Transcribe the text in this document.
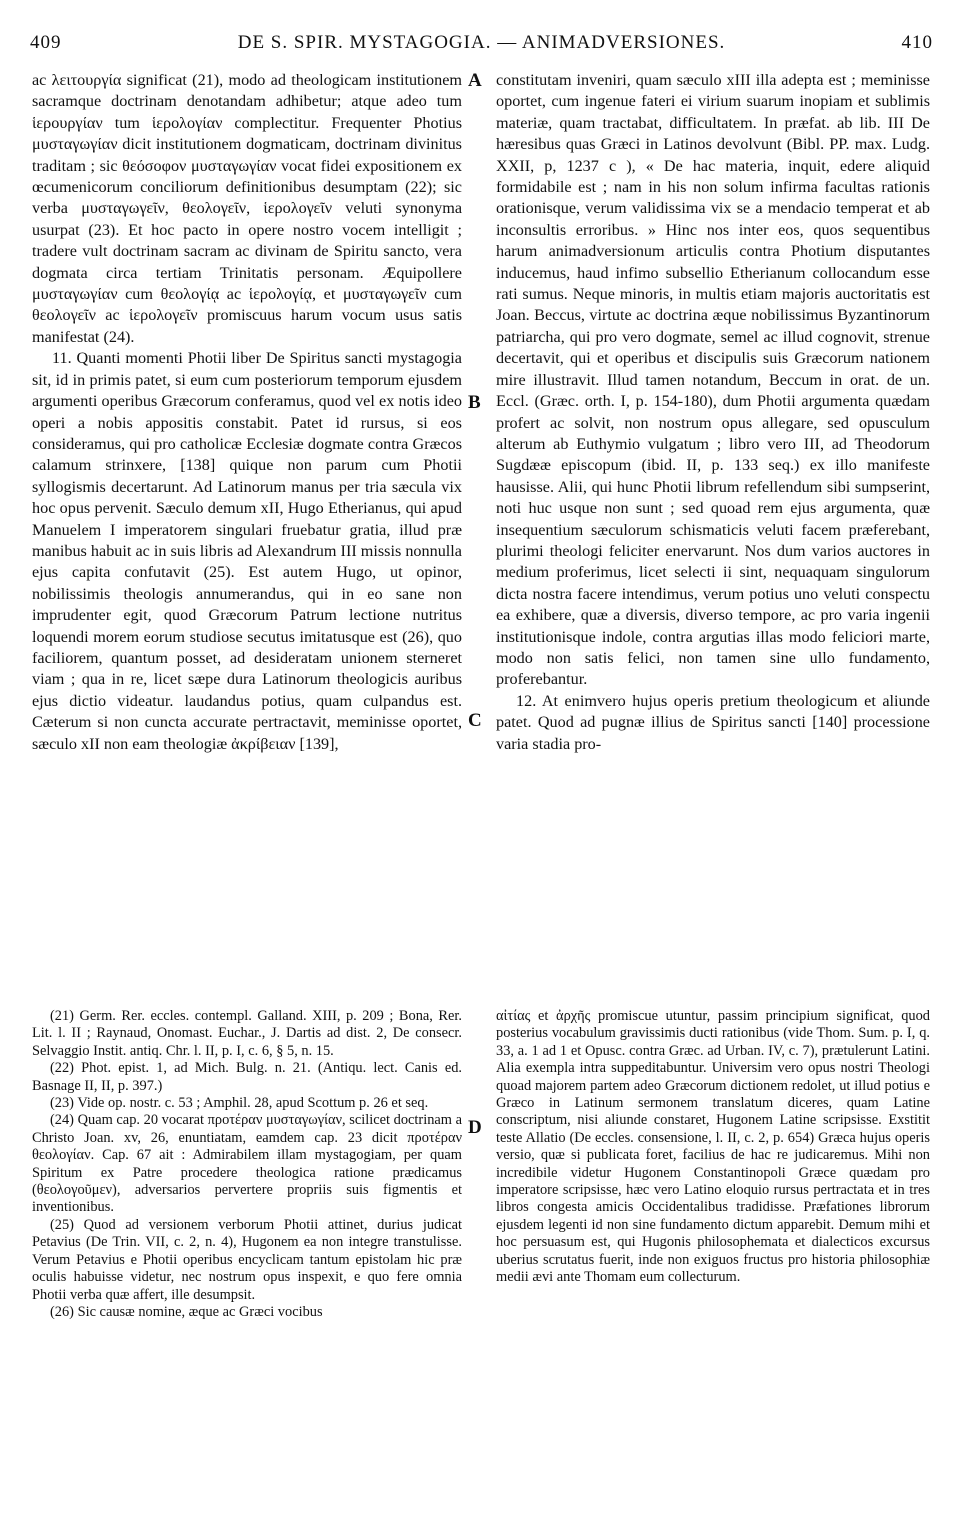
409	DE S. SPIR. MYSTAGOGIA. — ANIMADVERSIONES.	410
A
B
C
D

ac λειτουργία significat (21), modo ad theologicam institutionem sacramque doctrinam denotandam adhibetur; atque adeo tum ἱερουργίαν tum ἱερολογίαν complectitur. Frequenter Photius μυσταγωγίαν dicit institutionem dogmaticam, doctrinam divinitus traditam ; sic θεόσοφον μυσταγωγίαν vocat fidei expositionem ex œcumenicorum conciliorum definitionibus desumptam (22); sic verba μυσταγωγεῖν, θεολογεῖν, ἱερολογεῖν veluti synonyma usurpat (23). Et hoc pacto in opere nostro vocem intelligit ; tradere vult doctrinam sacram ac divinam de Spiritu sancto, vera dogmata circa tertiam Trinitatis personam. Æquipollere μυσταγωγίαν cum θεολογίᾳ ac ἱερολογίᾳ, et μυσταγωγεῖν cum θεολογεῖν ac ἱερολογεῖν promiscuus harum vocum usus satis manifestat (24).

11. Quanti momenti Photii liber De Spiritus sancti mystagogia sit, id in primis patet, si eum cum posteriorum temporum ejusdem argumenti operibus Græcorum conferamus, quod vel ex notis ideo operi a nobis appositis constabit. Patet id rursus, si eos consideramus, qui pro catholicæ Ecclesiæ dogmate contra Græcos calamum strinxere, [138] quique non parum cum Photii syllogismis decertarunt. Ad Latinorum manus per tria sæcula vix hoc opus pervenit. Sæculo demum xII, Hugo Etherianus, qui apud Manuelem I imperatorem singulari fruebatur gratia, illud præ manibus habuit ac in suis libris ad Alexandrum III missis nonnulla ejus capita confutavit (25). Est autem Hugo, ut opinor, nobilissimis theologis annumerandus, qui in eo sane non imprudenter egit, quod Græcorum Patrum lectione nutritus loquendi morem eorum studiose secutus imitatusque est (26), quo faciliorem, quantum posset, ad desideratam unionem sterneret viam ; qua in re, licet sæpe dura Latinorum theologicis auribus ejus dictio videatur. laudandus potius, quam culpandus est. Cæterum si non cuncta accurate pertractavit, meminisse oportet, sæculo xII non eam theologiæ ἀκρίβειαν [139],

constitutam inveniri, quam sæculo xIII illa adepta est ; meminisse oportet, cum ingenue fateri ei virium suarum inopiam et sublimis materiæ, quam tractabat, difficultatem. In præfat. ab lib. III De hæresibus quas Græci in Latinos devolvunt (Bibl. PP. max. Ludg. XXII, p, 1237 c ), « De hac materia, inquit, edere aliquid formidabile est ; nam in his non solum infirma facultas rationis orationisque, verum validissima vix se a mendacio temperat et ab inconsultis erroribus. » Hinc nos inter eos, quos sequentibus harum animadversionum articulis contra Photium disputantes inducemus, haud infimo subsellio Etherianum collocandum esse rati sumus. Neque minoris, in multis etiam majoris auctoritatis est Joan. Beccus, virtute ac doctrina æque nobilissimus Byzantinorum patriarcha, qui pro vero dogmate, semel ac illud cognovit, strenue decertavit, qui et operibus et discipulis suis Græcorum nationem mire illustravit. Illud tamen notandum, Beccum in orat. de un. Eccl. (Græc. orth. I, p. 154-180), dum Photii argumenta quædam profert ac solvit, non nostrum opus allegare, sed opusculum alterum ab Euthymio vulgatum ; libro vero III, ad Theodorum Sugdææ episcopum (ibid. II, p. 133 seq.) ex illo manifeste hausisse. Alii, qui hunc Photii librum refellendum sibi sumpserint, noti huc usque non sunt ; sed quoad rem ejus argumenta, quæ insequentium sæculorum schismaticis veluti facem præferebant, plurimi theologi feliciter enervarunt. Nos dum varios auctores in medium proferimus, licet selecti ii sint, nequaquam singulorum dicta nostra facere intendimus, verum potius uno veluti conspectu ea exhibere, quæ a diversis, diverso tempore, ac pro varia ingenii institutionisque indole, contra argutias illas modo feliciori marte, modo non satis felici, non tamen sine ullo fundamento, proferebantur.

12. At enimvero hujus operis pretium theologicum et aliunde patet. Quod ad pugnæ illius de Spiritus sancti [140] processione varia stadia pro-

(21) Germ. Rer. eccles. contempl. Galland. XIII, p. 209 ; Bona, Rer. Lit. l. II ; Raynaud, Onomast. Euchar., J. Dartis ad dist. 2, De consecr. Selvaggio Instit. antiq. Chr. l. II, p. I, c. 6, § 5, n. 15.

(22) Phot. epist. 1, ad Mich. Bulg. n. 21. (Antiqu. lect. Canis ed. Basnage II, II, p. 397.)

(23) Vide op. nostr. c. 53 ; Amphil. 28, apud Scottum p. 26 et seq.

(24) Quam cap. 20 vocarat προτέραν μυσταγωγίαν, scilicet doctrinam a Christo Joan. xv, 26, enuntiatam, eamdem cap. 23 dicit προτέραν θεολογίαν. Cap. 67 ait : Admirabilem illam mystagogiam, per quam Spiritum ex Patre procedere theologica ratione prædicamus (θεολογοῦμεν), adversarios pervertere propriis suis figmentis et inventionibus.

(25) Quod ad versionem verborum Photii attinet, durius judicat Petavius (De Trin. VII, c. 2, n. 4), Hugonem ea non integre transtulisse. Verum Petavius e Photii operibus encyclicam tantum epistolam hic præ oculis habuisse videtur, nec nostrum opus inspexit, e quo fere omnia Photii verba quæ affert, ille desumpsit.

(26) Sic causæ nomine, æque ac Græci vocibus

αἰτίας et ἀρχῆς promiscue utuntur, passim principium significat, quod posterius vocabulum gravissimis ducti rationibus (vide Thom. Sum. p. I, q. 33, a. 1 ad 1 et Opusc. contra Græc. ad Urban. IV, c. 7), prætulerunt Latini. Alia exempla intra suppeditabuntur. Universim vero opus nostri Theologi quoad majorem partem adeo Græcorum dictionem redolet, ut illud potius e Græco in Latinum sermonem translatum diceres, quam Latine conscriptum, nisi aliunde constaret, Hugonem Latine scripsisse. Exstitit teste Allatio (De eccles. consensione, l. II, c. 2, p. 654) Græca hujus operis versio, quæ si publicata foret, facilius de hac re judicaremus. Mihi non incredibile videtur Hugonem Constantinopoli Græce quædam pro imperatore scripsisse, hæc vero Latino eloquio rursus pertractata et in tres libros congesta amicis Occidentalibus tradidisse. Præfationes librorum ejusdem legenti id non sine fundamento dictum apparebit. Demum mihi et hoc persuasum est, qui Hugonis philosophemata et dialecticos excursus uberius scrutatus fuerit, inde non exiguos fructus pro historia philosophiæ medii ævi ante Thomam eum collecturum.
